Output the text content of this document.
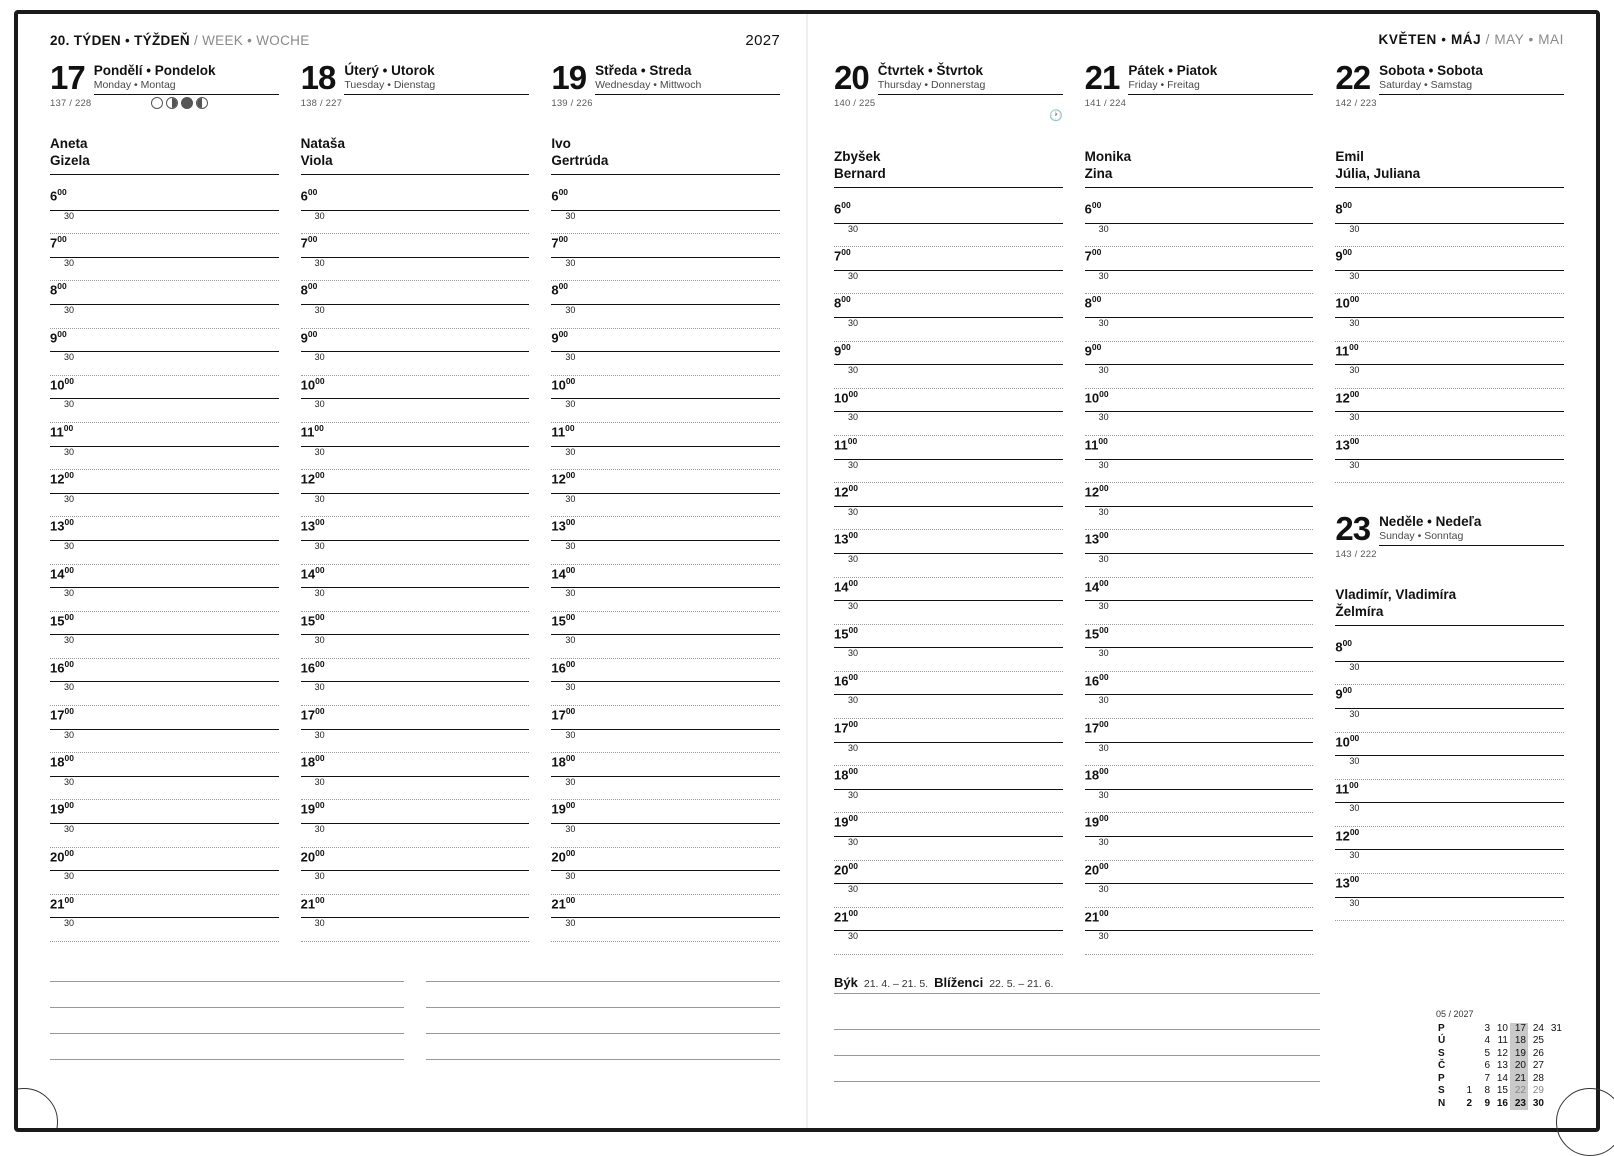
20. TÝDEN • TÝŽDEŇ / WEEK • WOCHE	2027
17 Pondělí • Pondelok
Monday • Montag
137 / 228
Aneta
Gizela
$6^{00}$
30
$7^{00}$
30
$8^{00}$
30
$9^{00}$
30
$10^{00}$
30
$11^{00}$
30
$12^{00}$
30
$13^{00}$
30
$14^{00}$
30
$15^{00}$
30
$16^{00}$
30
$17^{00}$
30
$18^{00}$
30
$19^{00}$
30
$20^{00}$
30
$21^{00}$
30
18 Úterý • Utorok
Tuesday • Dienstag
138 / 227
Nataša
Viola
$6^{00}$
30
$7^{00}$
30
$8^{00}$
30
$9^{00}$
30
$10^{00}$
30
$11^{00}$
30
$12^{00}$
30
$13^{00}$
30
$14^{00}$
30
$15^{00}$
30
$16^{00}$
30
$17^{00}$
30
$18^{00}$
30
$19^{00}$
30
$20^{00}$
30
$21^{00}$
30
19 Středa • Streda
Wednesday • Mittwoch
139 / 226
Ivo
Gertrúda
$6^{00}$
30
$7^{00}$
30
$8^{00}$
30
$9^{00}$
30
$10^{00}$
30
$11^{00}$
30
$12^{00}$
30
$13^{00}$
30
$14^{00}$
30
$15^{00}$
30
$16^{00}$
30
$17^{00}$
30
$18^{00}$
30
$19^{00}$
30
$20^{00}$
30
$21^{00}$
30
KVĚTEN • MÁJ / MAY • MAI
20 Čtvrtek • Štvrtok
Thursday • Donnerstag
140 / 225
🕐
Zbyšek
Bernard
$6^{00}$
30
$7^{00}$
30
$8^{00}$
30
$9^{00}$
30
$10^{00}$
30
$11^{00}$
30
$12^{00}$
30
$13^{00}$
30
$14^{00}$
30
$15^{00}$
30
$16^{00}$
30
$17^{00}$
30
$18^{00}$
30
$19^{00}$
30
$20^{00}$
30
$21^{00}$
30
21 Pátek • Piatok
Friday • Freitag
141 / 224
Monika
Zina
$6^{00}$
30
$7^{00}$
30
$8^{00}$
30
$9^{00}$
30
$10^{00}$
30
$11^{00}$
30
$12^{00}$
30
$13^{00}$
30
$14^{00}$
30
$15^{00}$
30
$16^{00}$
30
$17^{00}$
30
$18^{00}$
30
$19^{00}$
30
$20^{00}$
30
$21^{00}$
30
22 Sobota • Sobota
Saturday • Samstag
142 / 223
Emil
Júlia, Juliana
$8^{00}$
30
$9^{00}$
30
$10^{00}$
30
$11^{00}$
30
$12^{00}$
30
$13^{00}$
30
23 Neděle • Nedeľa
Sunday • Sonntag
143 / 222
Vladimír, Vladimíra
Želmíra
$8^{00}$
30
$9^{00}$
30
$10^{00}$
30
$11^{00}$
30
$12^{00}$
30
$13^{00}$
30
Býk 21. 4. – 21. 5. Blíženci 22. 5. – 21. 6.
05 / 2027
P		3	10	17	24	31
Ú		4	11	18	25	
S		5	12	19	26	
Č		6	13	20	27	
P		7	14	21	28	
S	1	8	15	22	29	
N	2	9	16	23	30	
